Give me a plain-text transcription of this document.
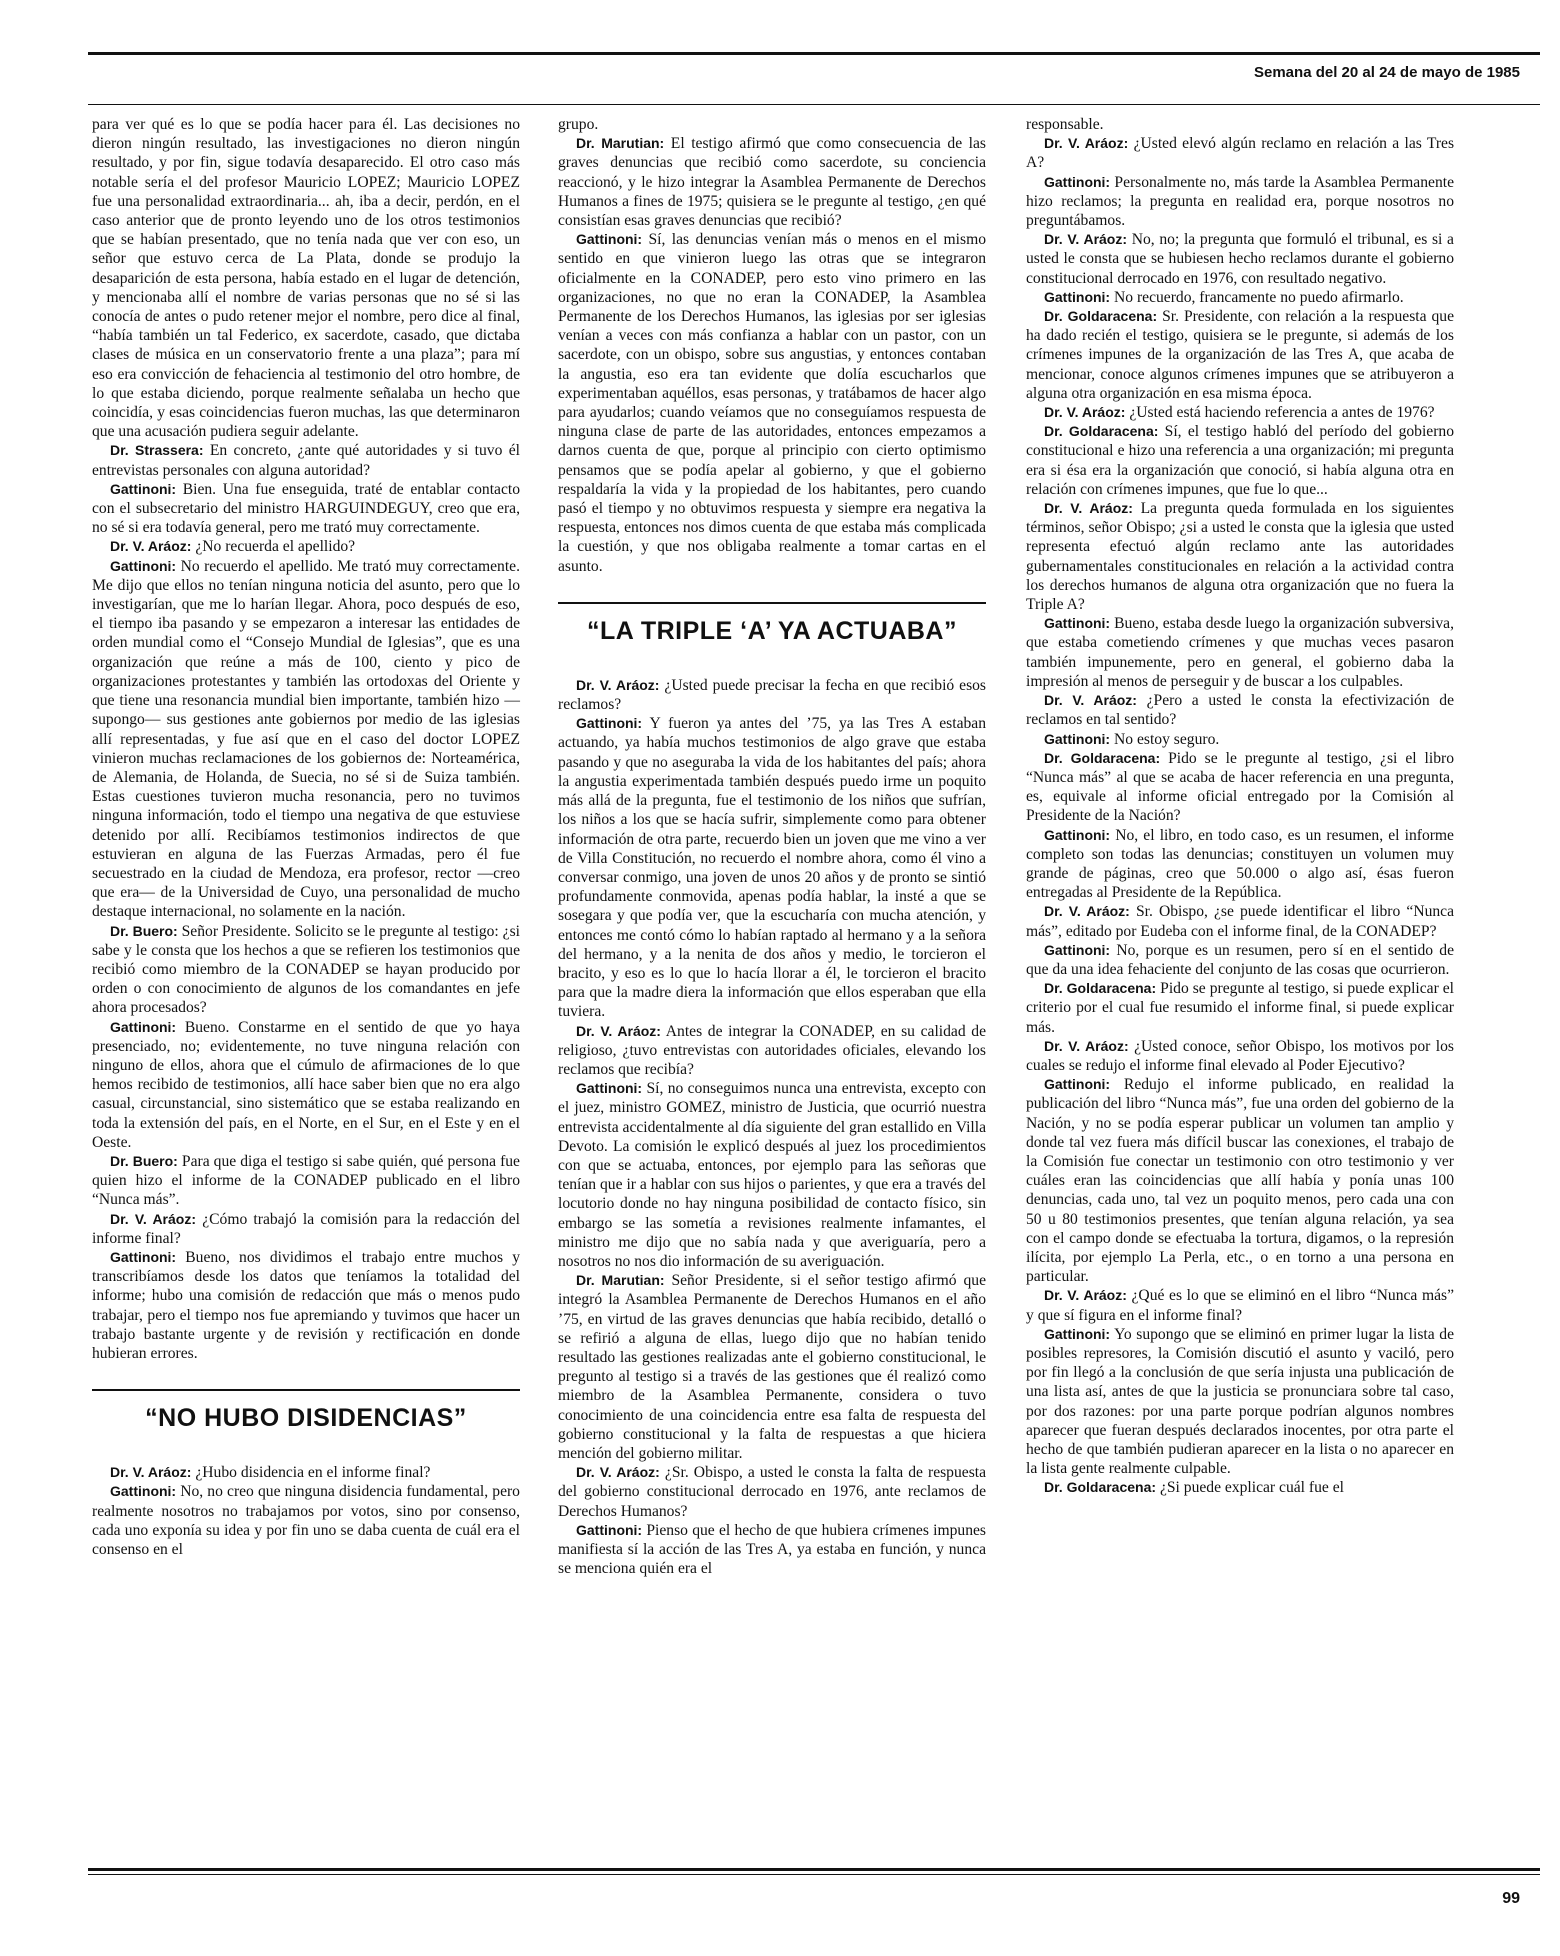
Semana del 20 al 24 de mayo de 1985

para ver qué es lo que se podía hacer para él. Las decisiones no dieron ningún resultado, las investigaciones no dieron ningún resultado, y por fin, sigue todavía desaparecido. El otro caso más notable sería el del profesor Mauricio LOPEZ; Mauricio LOPEZ fue una personalidad extraordinaria... ah, iba a decir, perdón, en el caso anterior que de pronto leyendo uno de los otros testimonios que se habían presentado, que no tenía nada que ver con eso, un señor que estuvo cerca de La Plata, donde se produjo la desaparición de esta persona, había estado en el lugar de detención, y mencionaba allí el nombre de varias personas que no sé si las conocía de antes o pudo retener mejor el nombre, pero dice al final, “había también un tal Federico, ex sacerdote, casado, que dictaba clases de música en un conservatorio frente a una plaza”; para mí eso era convicción de fehaciencia al testimonio del otro hombre, de lo que estaba diciendo, porque realmente señalaba un hecho que coincidía, y esas coincidencias fueron muchas, las que determinaron que una acusación pudiera seguir adelante.

Dr. Strassera: En concreto, ¿ante qué autoridades y si tuvo él entrevistas personales con alguna autoridad?

Gattinoni: Bien. Una fue enseguida, traté de entablar contacto con el subsecretario del ministro HARGUINDEGUY, creo que era, no sé si era todavía general, pero me trató muy correctamente.

Dr. V. Aráoz: ¿No recuerda el apellido?

Gattinoni: No recuerdo el apellido. Me trató muy correctamente. Me dijo que ellos no tenían ninguna noticia del asunto, pero que lo investigarían, que me lo harían llegar. Ahora, poco después de eso, el tiempo iba pasando y se empezaron a interesar las entidades de orden mundial como el “Consejo Mundial de Iglesias”, que es una organización que reúne a más de 100, ciento y pico de organizaciones protestantes y también las ortodoxas del Oriente y que tiene una resonancia mundial bien importante, también hizo —supongo— sus gestiones ante gobiernos por medio de las iglesias allí representadas, y fue así que en el caso del doctor LOPEZ vinieron muchas reclamaciones de los gobiernos de: Norteamérica, de Alemania, de Holanda, de Suecia, no sé si de Suiza también. Estas cuestiones tuvieron mucha resonancia, pero no tuvimos ninguna información, todo el tiempo una negativa de que estuviese detenido por allí. Recibíamos testimonios indirectos de que estuvieran en alguna de las Fuerzas Armadas, pero él fue secuestrado en la ciudad de Mendoza, era profesor, rector —creo que era— de la Universidad de Cuyo, una personalidad de mucho destaque internacional, no solamente en la nación.

Dr. Buero: Señor Presidente. Solicito se le pregunte al testigo: ¿si sabe y le consta que los hechos a que se refieren los testimonios que recibió como miembro de la CONADEP se hayan producido por orden o con conocimiento de algunos de los comandantes en jefe ahora procesados?

Gattinoni: Bueno. Constarme en el sentido de que yo haya presenciado, no; evidentemente, no tuve ninguna relación con ninguno de ellos, ahora que el cúmulo de afirmaciones de lo que hemos recibido de testimonios, allí hace saber bien que no era algo casual, circunstancial, sino sistemático que se estaba realizando en toda la extensión del país, en el Norte, en el Sur, en el Este y en el Oeste.

Dr. Buero: Para que diga el testigo si sabe quién, qué persona fue quien hizo el informe de la CONADEP publicado en el libro “Nunca más”.

Dr. V. Aráoz: ¿Cómo trabajó la comisión para la redacción del informe final?

Gattinoni: Bueno, nos dividimos el trabajo entre muchos y transcribíamos desde los datos que teníamos la totalidad del informe; hubo una comisión de redacción que más o menos pudo trabajar, pero el tiempo nos fue apremiando y tuvimos que hacer un trabajo bastante urgente y de revisión y rectificación en donde hubieran errores.

“NO HUBO DISIDENCIAS”

Dr. V. Aráoz: ¿Hubo disidencia en el informe final?

Gattinoni: No, no creo que ninguna disidencia fundamental, pero realmente nosotros no trabajamos por votos, sino por consenso, cada uno exponía su idea y por fin uno se daba cuenta de cuál era el consenso en el

grupo.

Dr. Marutian: El testigo afirmó que como consecuencia de las graves denuncias que recibió como sacerdote, su conciencia reaccionó, y le hizo integrar la Asamblea Permanente de Derechos Humanos a fines de 1975; quisiera se le pregunte al testigo, ¿en qué consistían esas graves denuncias que recibió?

Gattinoni: Sí, las denuncias venían más o menos en el mismo sentido en que vinieron luego las otras que se integraron oficialmente en la CONADEP, pero esto vino primero en las organizaciones, no que no eran la CONADEP, la Asamblea Permanente de los Derechos Humanos, las iglesias por ser iglesias venían a veces con más confianza a hablar con un pastor, con un sacerdote, con un obispo, sobre sus angustias, y entonces contaban la angustia, eso era tan evidente que dolía escucharlos que experimentaban aquéllos, esas personas, y tratábamos de hacer algo para ayudarlos; cuando veíamos que no conseguíamos respuesta de ninguna clase de parte de las autoridades, entonces empezamos a darnos cuenta de que, porque al principio con cierto optimismo pensamos que se podía apelar al gobierno, y que el gobierno respaldaría la vida y la propiedad de los habitantes, pero cuando pasó el tiempo y no obtuvimos respuesta y siempre era negativa la respuesta, entonces nos dimos cuenta de que estaba más complicada la cuestión, y que nos obligaba realmente a tomar cartas en el asunto.

“LA TRIPLE ‘A’ YA ACTUABA”

Dr. V. Aráoz: ¿Usted puede precisar la fecha en que recibió esos reclamos?

Gattinoni: Y fueron ya antes del ’75, ya las Tres A estaban actuando, ya había muchos testimonios de algo grave que estaba pasando y que no aseguraba la vida de los habitantes del país; ahora la angustia experimentada también después puedo irme un poquito más allá de la pregunta, fue el testimonio de los niños que sufrían, los niños a los que se hacía sufrir, simplemente como para obtener información de otra parte, recuerdo bien un joven que me vino a ver de Villa Constitución, no recuerdo el nombre ahora, como él vino a conversar conmigo, una joven de unos 20 años y de pronto se sintió profundamente conmovida, apenas podía hablar, la insté a que se sosegara y que podía ver, que la escucharía con mucha atención, y entonces me contó cómo lo habían raptado al hermano y a la señora del hermano, y a la nenita de dos años y medio, le torcieron el bracito, y eso es lo que lo hacía llorar a él, le torcieron el bracito para que la madre diera la información que ellos esperaban que ella tuviera.

Dr. V. Aráoz: Antes de integrar la CONADEP, en su calidad de religioso, ¿tuvo entrevistas con autoridades oficiales, elevando los reclamos que recibía?

Gattinoni: Sí, no conseguimos nunca una entrevista, excepto con el juez, ministro GOMEZ, ministro de Justicia, que ocurrió nuestra entrevista accidentalmente al día siguiente del gran estallido en Villa Devoto. La comisión le explicó después al juez los procedimientos con que se actuaba, entonces, por ejemplo para las señoras que tenían que ir a hablar con sus hijos o parientes, y que era a través del locutorio donde no hay ninguna posibilidad de contacto físico, sin embargo se las sometía a revisiones realmente infamantes, el ministro me dijo que no sabía nada y que averiguaría, pero a nosotros no nos dio información de su averiguación.

Dr. Marutian: Señor Presidente, si el señor testigo afirmó que integró la Asamblea Permanente de Derechos Humanos en el año ’75, en virtud de las graves denuncias que había recibido, detalló o se refirió a alguna de ellas, luego dijo que no habían tenido resultado las gestiones realizadas ante el gobierno constitucional, le pregunto al testigo si a través de las gestiones que él realizó como miembro de la Asamblea Permanente, considera o tuvo conocimiento de una coincidencia entre esa falta de respuesta del gobierno constitucional y la falta de respuestas a que hiciera mención del gobierno militar.

Dr. V. Aráoz: ¿Sr. Obispo, a usted le consta la falta de respuesta del gobierno constitucional derrocado en 1976, ante reclamos de Derechos Humanos?

Gattinoni: Pienso que el hecho de que hubiera crímenes impunes manifiesta sí la acción de las Tres A, ya estaba en función, y nunca se menciona quién era el

responsable.

Dr. V. Aráoz: ¿Usted elevó algún reclamo en relación a las Tres A?

Gattinoni: Personalmente no, más tarde la Asamblea Permanente hizo reclamos; la pregunta en realidad era, porque nosotros no preguntábamos.

Dr. V. Aráoz: No, no; la pregunta que formuló el tribunal, es si a usted le consta que se hubiesen hecho reclamos durante el gobierno constitucional derrocado en 1976, con resultado negativo.

Gattinoni: No recuerdo, francamente no puedo afirmarlo.

Dr. Goldaracena: Sr. Presidente, con relación a la respuesta que ha dado recién el testigo, quisiera se le pregunte, si además de los crímenes impunes de la organización de las Tres A, que acaba de mencionar, conoce algunos crímenes impunes que se atribuyeron a alguna otra organización en esa misma época.

Dr. V. Aráoz: ¿Usted está haciendo referencia a antes de 1976?

Dr. Goldaracena: Sí, el testigo habló del período del gobierno constitucional e hizo una referencia a una organización; mi pregunta era si ésa era la organización que conoció, si había alguna otra en relación con crímenes impunes, que fue lo que...

Dr. V. Aráoz: La pregunta queda formulada en los siguientes términos, señor Obispo; ¿si a usted le consta que la iglesia que usted representa efectuó algún reclamo ante las autoridades gubernamentales constitucionales en relación a la actividad contra los derechos humanos de alguna otra organización que no fuera la Triple A?

Gattinoni: Bueno, estaba desde luego la organización subversiva, que estaba cometiendo crímenes y que muchas veces pasaron también impunemente, pero en general, el gobierno daba la impresión al menos de perseguir y de buscar a los culpables.

Dr. V. Aráoz: ¿Pero a usted le consta la efectivización de reclamos en tal sentido?

Gattinoni: No estoy seguro.

Dr. Goldaracena: Pido se le pregunte al testigo, ¿si el libro “Nunca más” al que se acaba de hacer referencia en una pregunta, es, equivale al informe oficial entregado por la Comisión al Presidente de la Nación?

Gattinoni: No, el libro, en todo caso, es un resumen, el informe completo son todas las denuncias; constituyen un volumen muy grande de páginas, creo que 50.000 o algo así, ésas fueron entregadas al Presidente de la República.

Dr. V. Aráoz: Sr. Obispo, ¿se puede identificar el libro “Nunca más”, editado por Eudeba con el informe final, de la CONADEP?

Gattinoni: No, porque es un resumen, pero sí en el sentido de que da una idea fehaciente del conjunto de las cosas que ocurrieron.

Dr. Goldaracena: Pido se pregunte al testigo, si puede explicar el criterio por el cual fue resumido el informe final, si puede explicar más.

Dr. V. Aráoz: ¿Usted conoce, señor Obispo, los motivos por los cuales se redujo el informe final elevado al Poder Ejecutivo?

Gattinoni: Redujo el informe publicado, en realidad la publicación del libro “Nunca más”, fue una orden del gobierno de la Nación, y no se podía esperar publicar un volumen tan amplio y donde tal vez fuera más difícil buscar las conexiones, el trabajo de la Comisión fue conectar un testimonio con otro testimonio y ver cuáles eran las coincidencias que allí había y ponía unas 100 denuncias, cada uno, tal vez un poquito menos, pero cada una con 50 u 80 testimonios presentes, que tenían alguna relación, ya sea con el campo donde se efectuaba la tortura, digamos, o la represión ilícita, por ejemplo La Perla, etc., o en torno a una persona en particular.

Dr. V. Aráoz: ¿Qué es lo que se eliminó en el libro “Nunca más” y que sí figura en el informe final?

Gattinoni: Yo supongo que se eliminó en primer lugar la lista de posibles represores, la Comisión discutió el asunto y vaciló, pero por fin llegó a la conclusión de que sería injusta una publicación de una lista así, antes de que la justicia se pronunciara sobre tal caso, por dos razones: por una parte porque podrían algunos nombres aparecer que fueran después declarados inocentes, por otra parte el hecho de que también pudieran aparecer en la lista o no aparecer en la lista gente realmente culpable.

Dr. Goldaracena: ¿Si puede explicar cuál fue el

99
